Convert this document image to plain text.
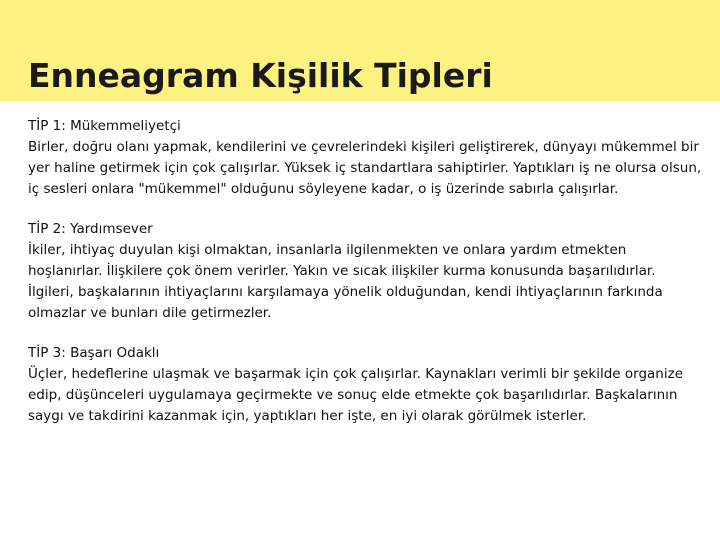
Enneagram Kişilik Tipleri

TİP 1: Mükemmeliyetçi

Birler, doğru olanı yapmak, kendilerini ve çevrelerindeki kişileri geliştirerek, dünyayı mükemmel bir yer haline getirmek için çok çalışırlar. Yüksek iç standartlara sahiptirler. Yaptıkları iş ne olursa olsun, iç sesleri onlara "mükemmel" olduğunu söyleyene kadar, o iş üzerinde sabırla çalışırlar.

TİP 2: Yardımsever

İkiler, ihtiyaç duyulan kişi olmaktan, insanlarla ilgilenmekten ve onlara yardım etmekten hoşlanırlar. İlişkilere çok önem verirler. Yakın ve sıcak ilişkiler kurma konusunda başarılıdırlar. İlgileri, başkalarının ihtiyaçlarını karşılamaya yönelik olduğundan, kendi ihtiyaçlarının farkında olmazlar ve bunları dile getirmezler.

TİP 3: Başarı Odaklı

Üçler, hedeflerine ulaşmak ve başarmak için çok çalışırlar. Kaynakları verimli bir şekilde organize edip, düşünceleri uygulamaya geçirmekte ve sonuç elde etmekte çok başarılıdırlar. Başkalarının saygı ve takdirini kazanmak için, yaptıkları her işte, en iyi olarak görülmek isterler.
